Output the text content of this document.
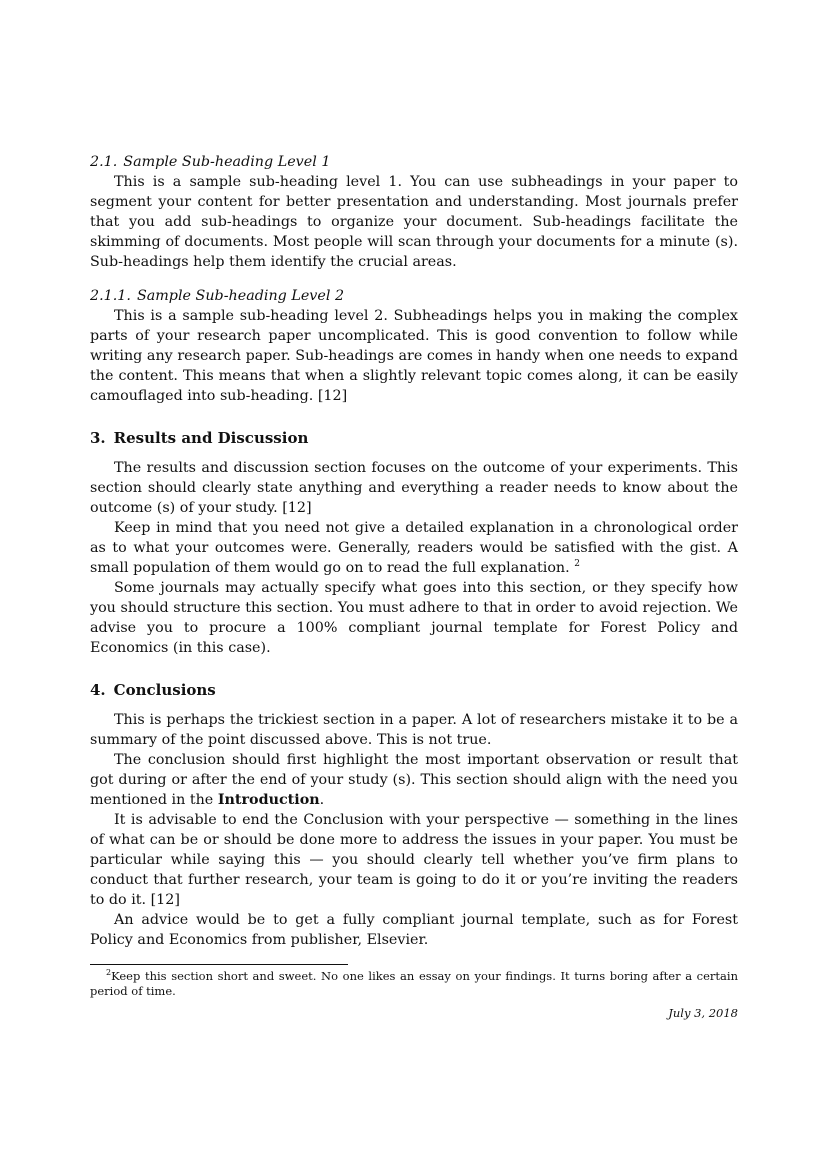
2.1. Sample Sub-heading Level 1

This is a sample sub-heading level 1. You can use subheadings in your paper to segment your content for better presentation and understanding. Most journals prefer that you add sub-headings to organize your document. Sub-headings facilitate the skimming of documents. Most people will scan through your documents for a minute (s). Sub-headings help them identify the crucial areas.

2.1.1. Sample Sub-heading Level 2

This is a sample sub-heading level 2. Subheadings helps you in making the complex parts of your research paper uncomplicated. This is good convention to follow while writing any research paper. Sub-headings are comes in handy when one needs to expand the content. This means that when a slightly relevant topic comes along, it can be easily camouflaged into sub-heading. [12]

3. Results and Discussion

The results and discussion section focuses on the outcome of your experiments. This section should clearly state anything and everything a reader needs to know about the outcome (s) of your study. [12]

Keep in mind that you need not give a detailed explanation in a chronological order as to what your outcomes were. Generally, readers would be satisfied with the gist. A small population of them would go on to read the full explanation. $^2$

Some journals may actually specify what goes into this section, or they specify how you should structure this section. You must adhere to that in order to avoid rejection. We advise you to procure a 100% compliant journal template for Forest Policy and Economics (in this case).

4. Conclusions

This is perhaps the trickiest section in a paper. A lot of researchers mistake it to be a summary of the point discussed above. This is not true.

The conclusion should first highlight the most important observation or result that got during or after the end of your study (s). This section should align with the need you mentioned in the Introduction.

It is advisable to end the Conclusion with your perspective — something in the lines of what can be or should be done more to address the issues in your paper. You must be particular while saying this — you should clearly tell whether you’ve firm plans to conduct that further research, your team is going to do it or you’re inviting the readers to do it. [12]

An advice would be to get a fully compliant journal template, such as for Forest Policy and Economics from publisher, Elsevier.

$^2$Keep this section short and sweet. No one likes an essay on your findings. It turns boring after a certain period of time.
July 3, 2018
